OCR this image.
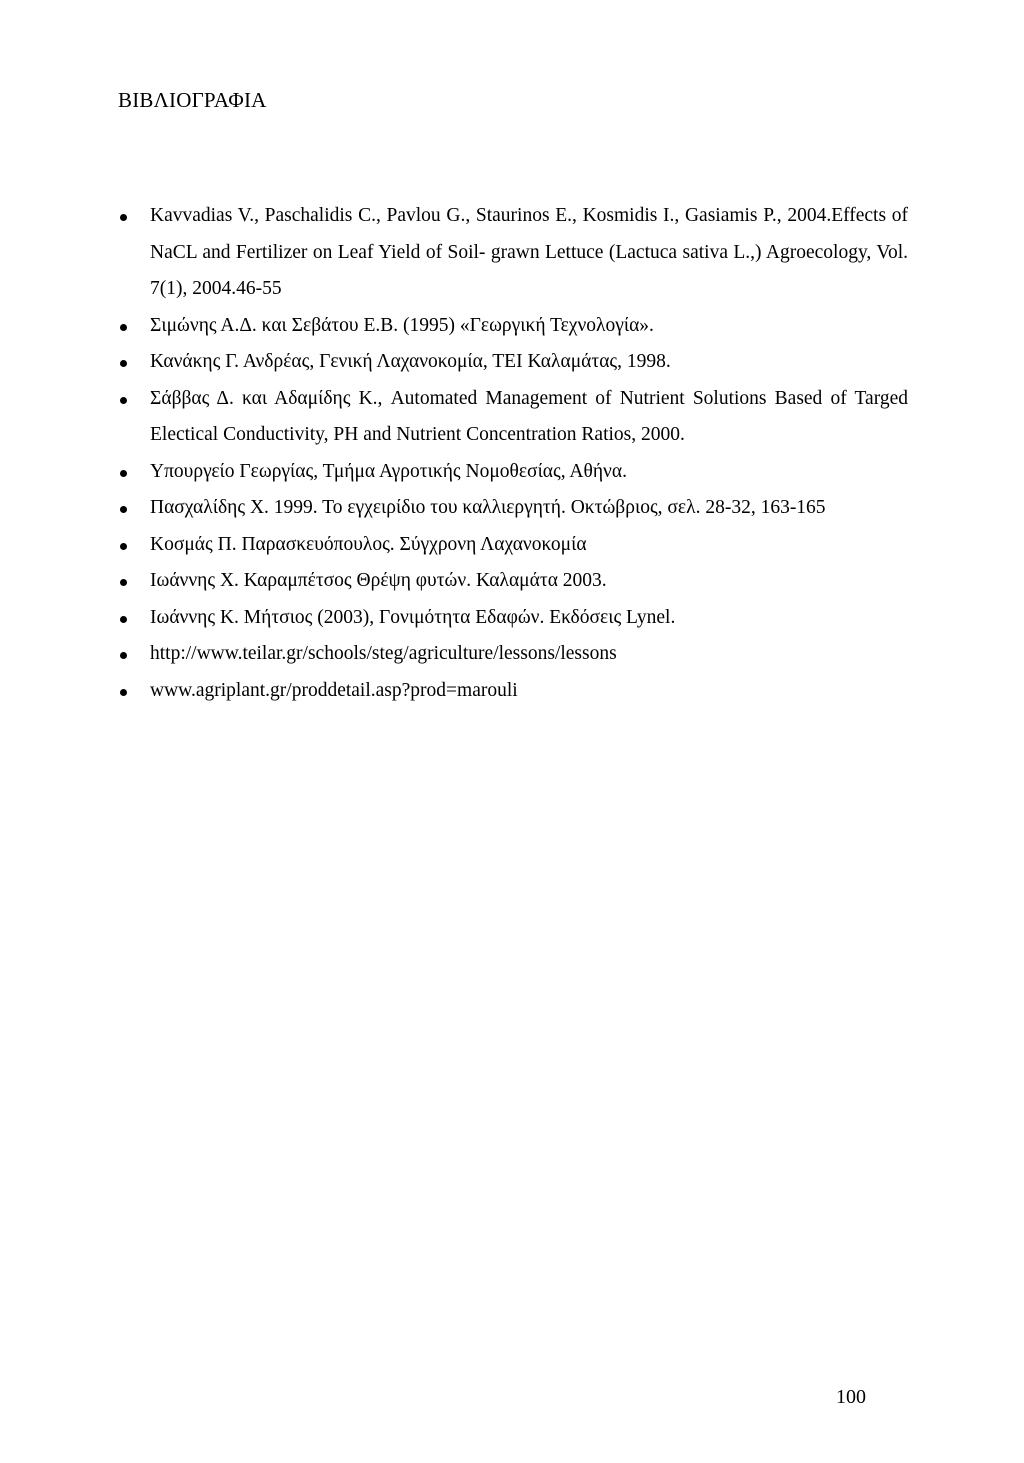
ΒΙΒΛΙΟΓΡΑΦΙΑ
Kavvadias V., Paschalidis C., Pavlou G., Staurinos E., Kosmidis I., Gasiamis P., 2004.Effects of NaCL and Fertilizer on Leaf Yield of Soil- grawn Lettuce (Lactuca sativa L.,) Agroecology, Vol. 7(1), 2004.46-55
Σιμώνης Α.Δ. και Σεβάτου Ε.Β. (1995) «Γεωργική Τεχνολογία».
Κανάκης Γ. Ανδρέας, Γενική Λαχανοκομία, ΤΕΙ Καλαμάτας, 1998.
Σάββας Δ. και Αδαμίδης Κ., Automated Management of Nutrient Solutions Based of Targed Electical Conductivity, PH and Nutrient Concentration Ratios, 2000.
Υπουργείο Γεωργίας, Τμήμα Αγροτικής Νομοθεσίας, Αθήνα.
Πασχαλίδης Χ. 1999. Το εγχειρίδιο του καλλιεργητή. Οκτώβριος, σελ. 28-32, 163-165
Κοσμάς Π. Παρασκευόπουλος. Σύγχρονη Λαχανοκομία
Ιωάννης Χ. Καραμπέτσος Θρέψη φυτών. Καλαμάτα 2003.
Ιωάννης Κ. Μήτσιος (2003), Γονιμότητα Εδαφών. Εκδόσεις Lynel.
http://www.teilar.gr/schools/steg/agriculture/lessons/lessons
www.agriplant.gr/proddetail.asp?prod=marouli
100
